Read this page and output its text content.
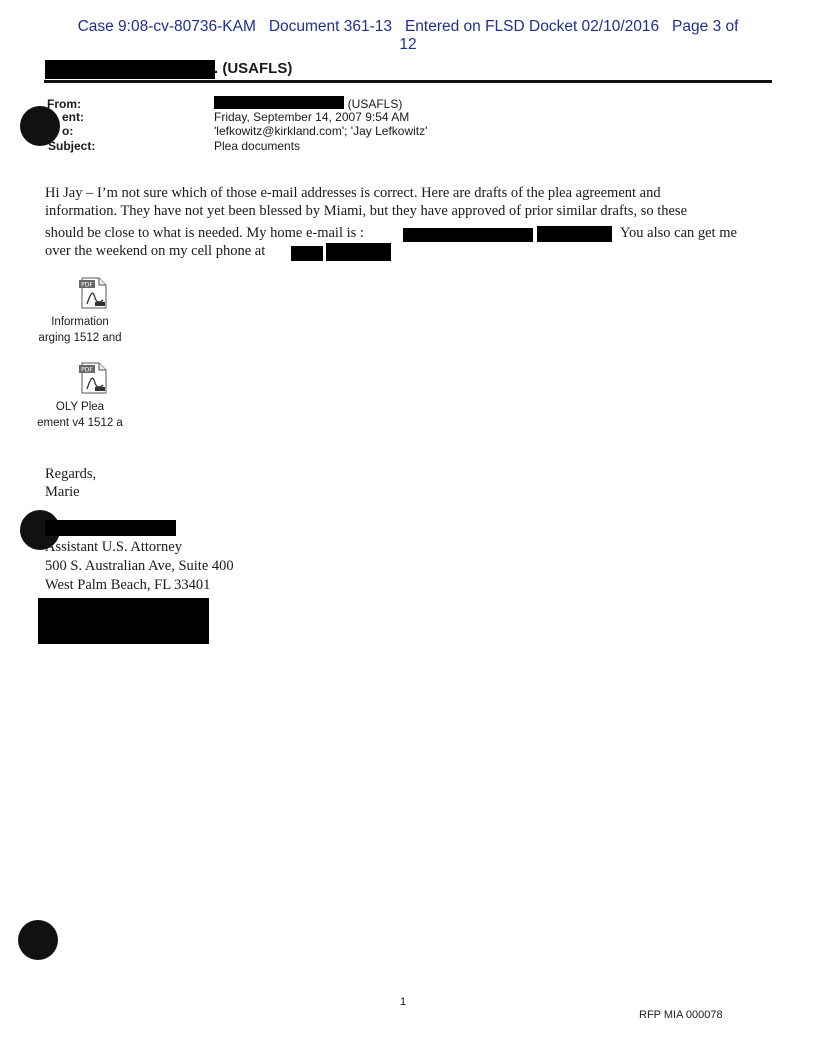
Case 9:08-cv-80736-KAM   Document 361-13   Entered on FLSD Docket 02/10/2016   Page 3 of
12
. (USAFLS)
From:	. (USAFLS)
ent:	Friday, September 14, 2007 9:54 AM
o:	'lefkowitz@kirkland.com'; 'Jay Lefkowitz'
Subject:	Plea documents
Hi Jay – I’m not sure which of those e-mail addresses is correct. Here are drafts of the plea agreement and
information. They have not yet been blessed by Miami, but they have approved of prior similar drafts, so these
should be close to what is needed. My home e-mail is :	You also can get me
over the weekend on my cell phone at
PDF
Information
arging 1512 and
PDF
OLY Plea
ement v4 1512 a
Regards,
Marie
Assistant U.S. Attorney
500 S. Australian Ave, Suite 400
West Palm Beach, FL 33401
1
RFP MIA 000078
